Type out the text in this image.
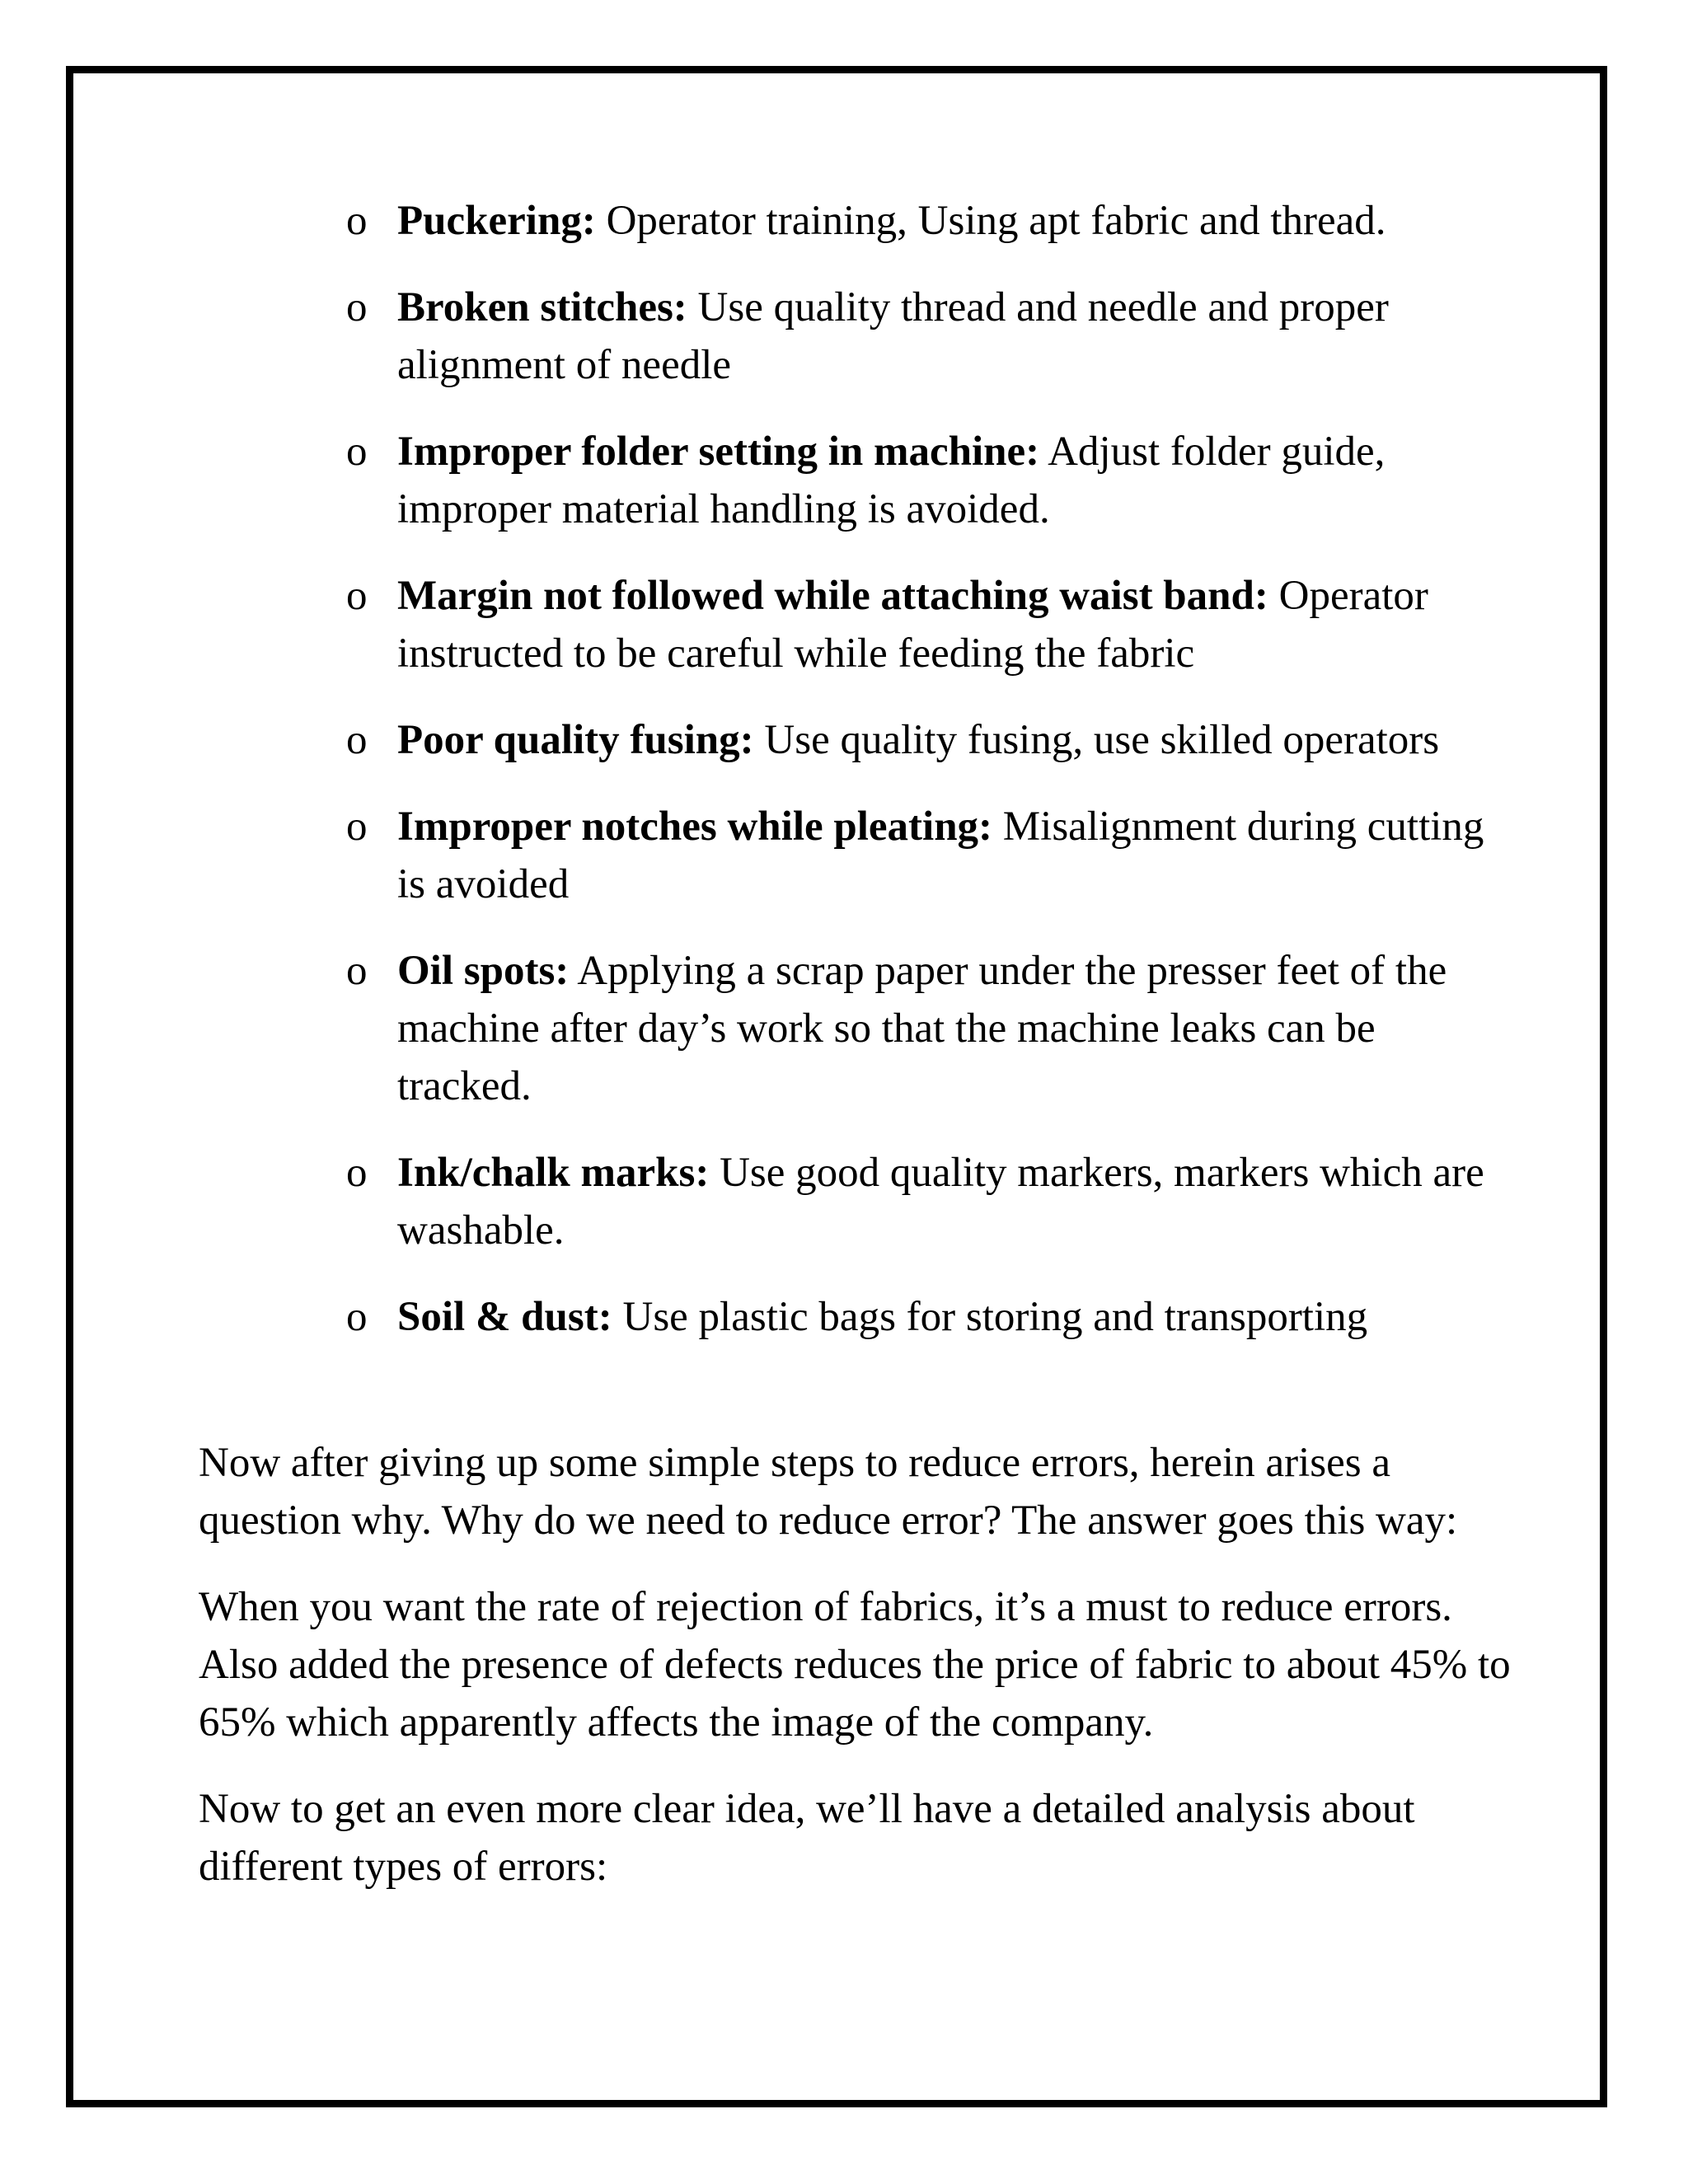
o Puckering: Operator training, Using apt fabric and thread.
o Broken stitches: Use quality thread and needle and proper alignment of needle
o Improper folder setting in machine: Adjust folder guide, improper material handling is avoided.
o Margin not followed while attaching waist band: Operator instructed to be careful while feeding the fabric
o Poor quality fusing: Use quality fusing, use skilled operators
o Improper notches while pleating: Misalignment during cutting is avoided
o Oil spots: Applying a scrap paper under the presser feet of the machine after day’s work so that the machine leaks can be tracked.
o Ink/chalk marks: Use good quality markers, markers which are washable.
o Soil & dust: Use plastic bags for storing and transporting

Now after giving up some simple steps to reduce errors, herein arises a question why. Why do we need to reduce error? The answer goes this way:

When you want the rate of rejection of fabrics, it’s a must to reduce errors. Also added the presence of defects reduces the price of fabric to about 45% to 65% which apparently affects the image of the company.

Now to get an even more clear idea, we’ll have a detailed analysis about different types of errors:
